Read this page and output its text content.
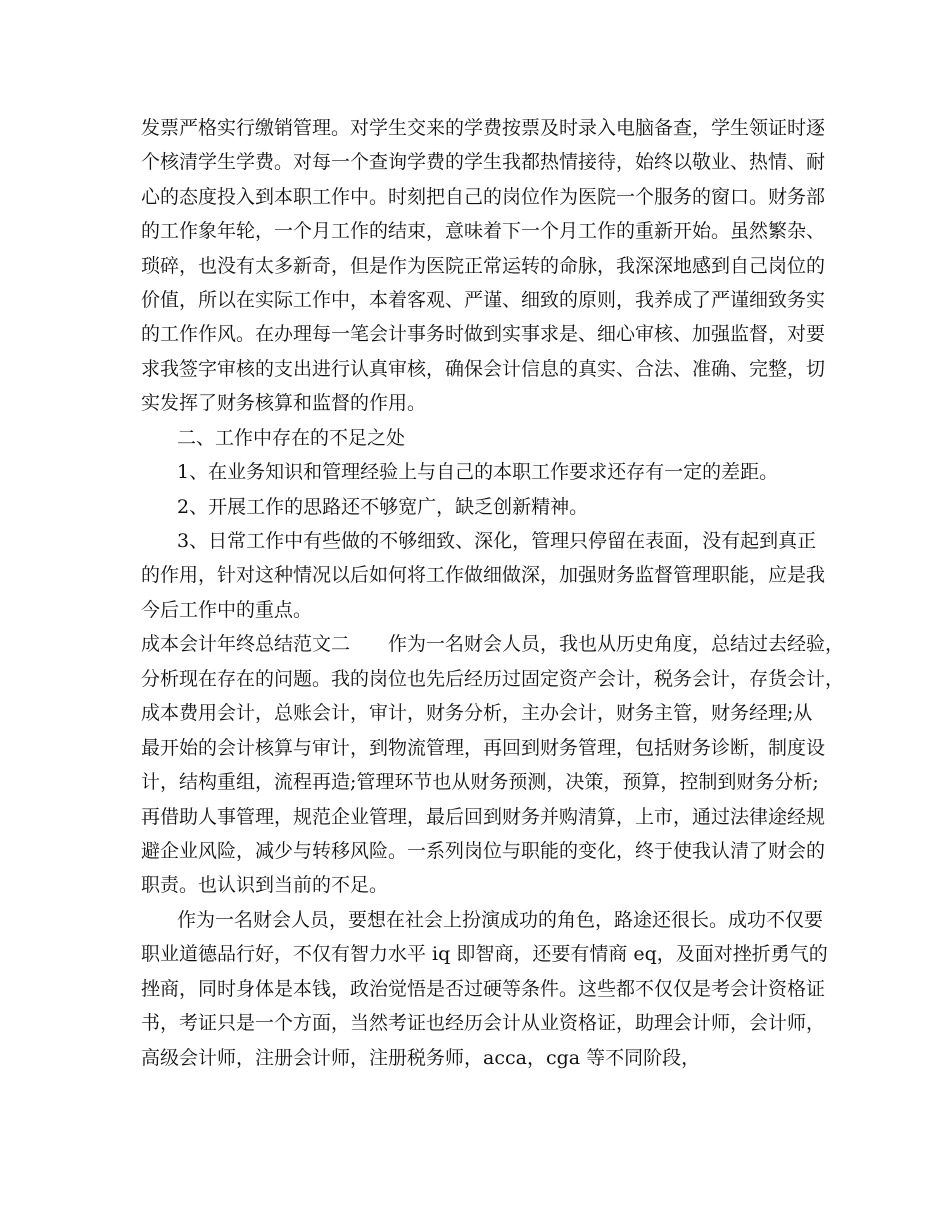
发票严格实行缴销管理。对学生交来的学费按票及时录入电脑备查，学生领证时逐
个核清学生学费。对每一个查询学费的学生我都热情接待，始终以敬业、热情、耐
心的态度投入到本职工作中。时刻把自己的岗位作为医院一个服务的窗口。财务部
的工作象年轮，一个月工作的结束，意味着下一个月工作的重新开始。虽然繁杂、
琐碎，也没有太多新奇，但是作为医院正常运转的命脉，我深深地感到自己岗位的
价值，所以在实际工作中，本着客观、严谨、细致的原则，我养成了严谨细致务实
的工作作风。在办理每一笔会计事务时做到实事求是、细心审核、加强监督，对要
求我签字审核的支出进行认真审核，确保会计信息的真实、合法、准确、完整，切
实发挥了财务核算和监督的作用。
二、工作中存在的不足之处
1、在业务知识和管理经验上与自己的本职工作要求还存有一定的差距。
2、开展工作的思路还不够宽广，缺乏创新精神。
3、日常工作中有些做的不够细致、深化，管理只停留在表面，没有起到真正
的作用，针对这种情况以后如何将工作做细做深，加强财务监督管理职能，应是我
今后工作中的重点。
成本会计年终总结范文二　　作为一名财会人员，我也从历史角度，总结过去经验，
分析现在存在的问题。我的岗位也先后经历过固定资产会计，税务会计，存货会计，
成本费用会计，总账会计，审计，财务分析，主办会计，财务主管，财务经理;从
最开始的会计核算与审计，到物流管理，再回到财务管理，包括财务诊断，制度设
计，结构重组，流程再造;管理环节也从财务预测，决策，预算，控制到财务分析;
再借助人事管理，规范企业管理，最后回到财务并购清算，上市，通过法律途经规
避企业风险，减少与转移风险。一系列岗位与职能的变化，终于使我认清了财会的
职责。也认识到当前的不足。
作为一名财会人员，要想在社会上扮演成功的角色，路途还很长。成功不仅要
职业道德品行好，不仅有智力水平 iq 即智商，还要有情商 eq，及面对挫折勇气的
挫商，同时身体是本钱，政治觉悟是否过硬等条件。这些都不仅仅是考会计资格证
书，考证只是一个方面，当然考证也经历会计从业资格证，助理会计师，会计师，
高级会计师，注册会计师，注册税务师，acca，cga 等不同阶段，
